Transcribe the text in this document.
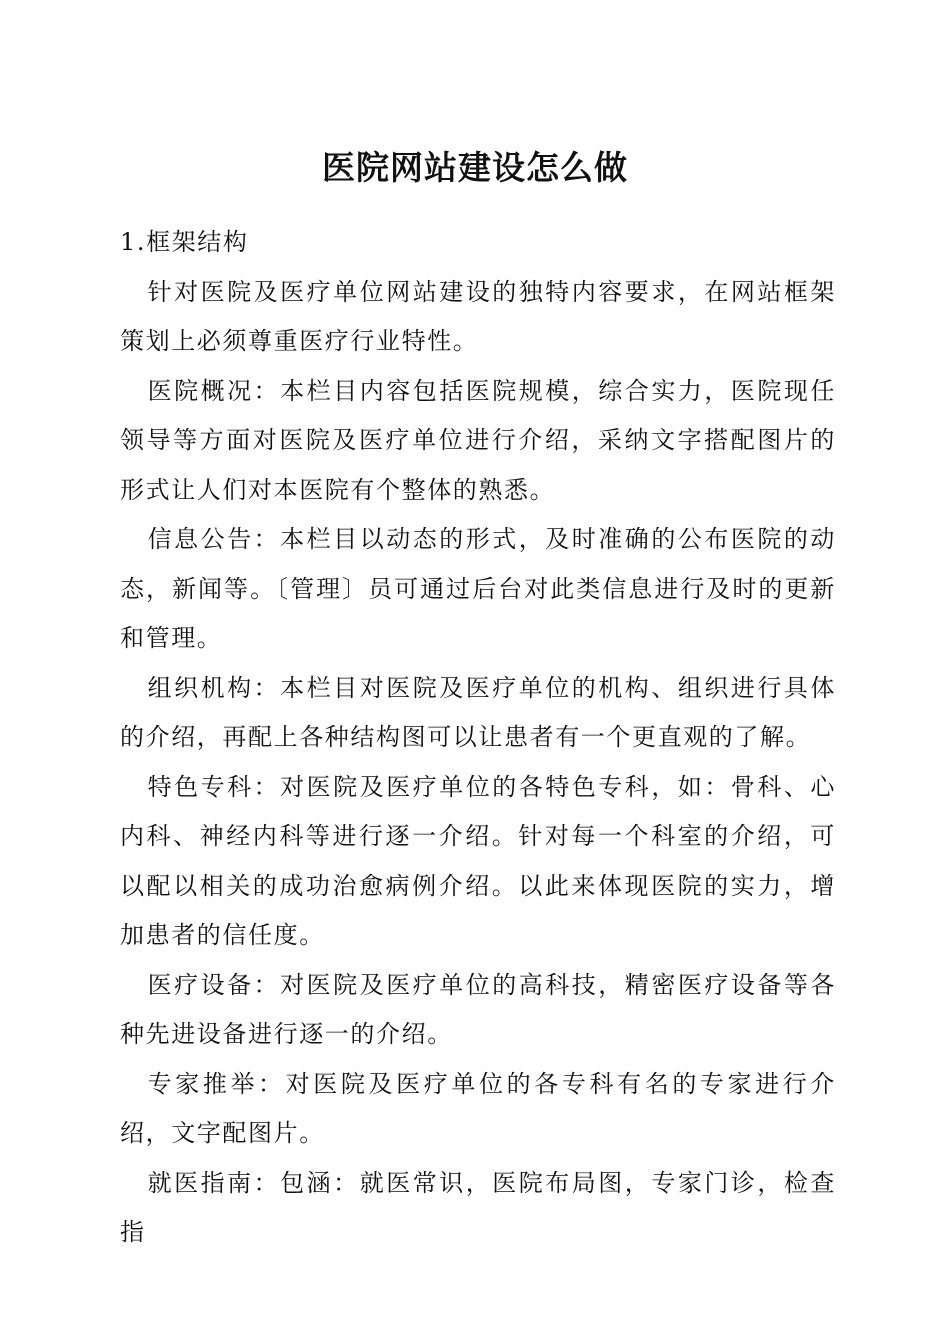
医院网站建设怎么做

1.框架结构

针对医院及医疗单位网站建设的独特内容要求，在网站框架策划上必须尊重医疗行业特性。

医院概况：本栏目内容包括医院规模，综合实力，医院现任领导等方面对医院及医疗单位进行介绍，采纳文字搭配图片的形式让人们对本医院有个整体的熟悉。

信息公告：本栏目以动态的形式，及时准确的公布医院的动态，新闻等。〔管理〕员可通过后台对此类信息进行及时的更新和管理。

组织机构：本栏目对医院及医疗单位的机构、组织进行具体的介绍，再配上各种结构图可以让患者有一个更直观的了解。

特色专科：对医院及医疗单位的各特色专科，如：骨科、心内科、神经内科等进行逐一介绍。针对每一个科室的介绍，可以配以相关的成功治愈病例介绍。以此来体现医院的实力，增加患者的信任度。

医疗设备：对医院及医疗单位的高科技，精密医疗设备等各种先进设备进行逐一的介绍。

专家推举：对医院及医疗单位的各专科有名的专家进行介绍，文字配图片。

就医指南：包涵：就医常识，医院布局图，专家门诊，检查指
